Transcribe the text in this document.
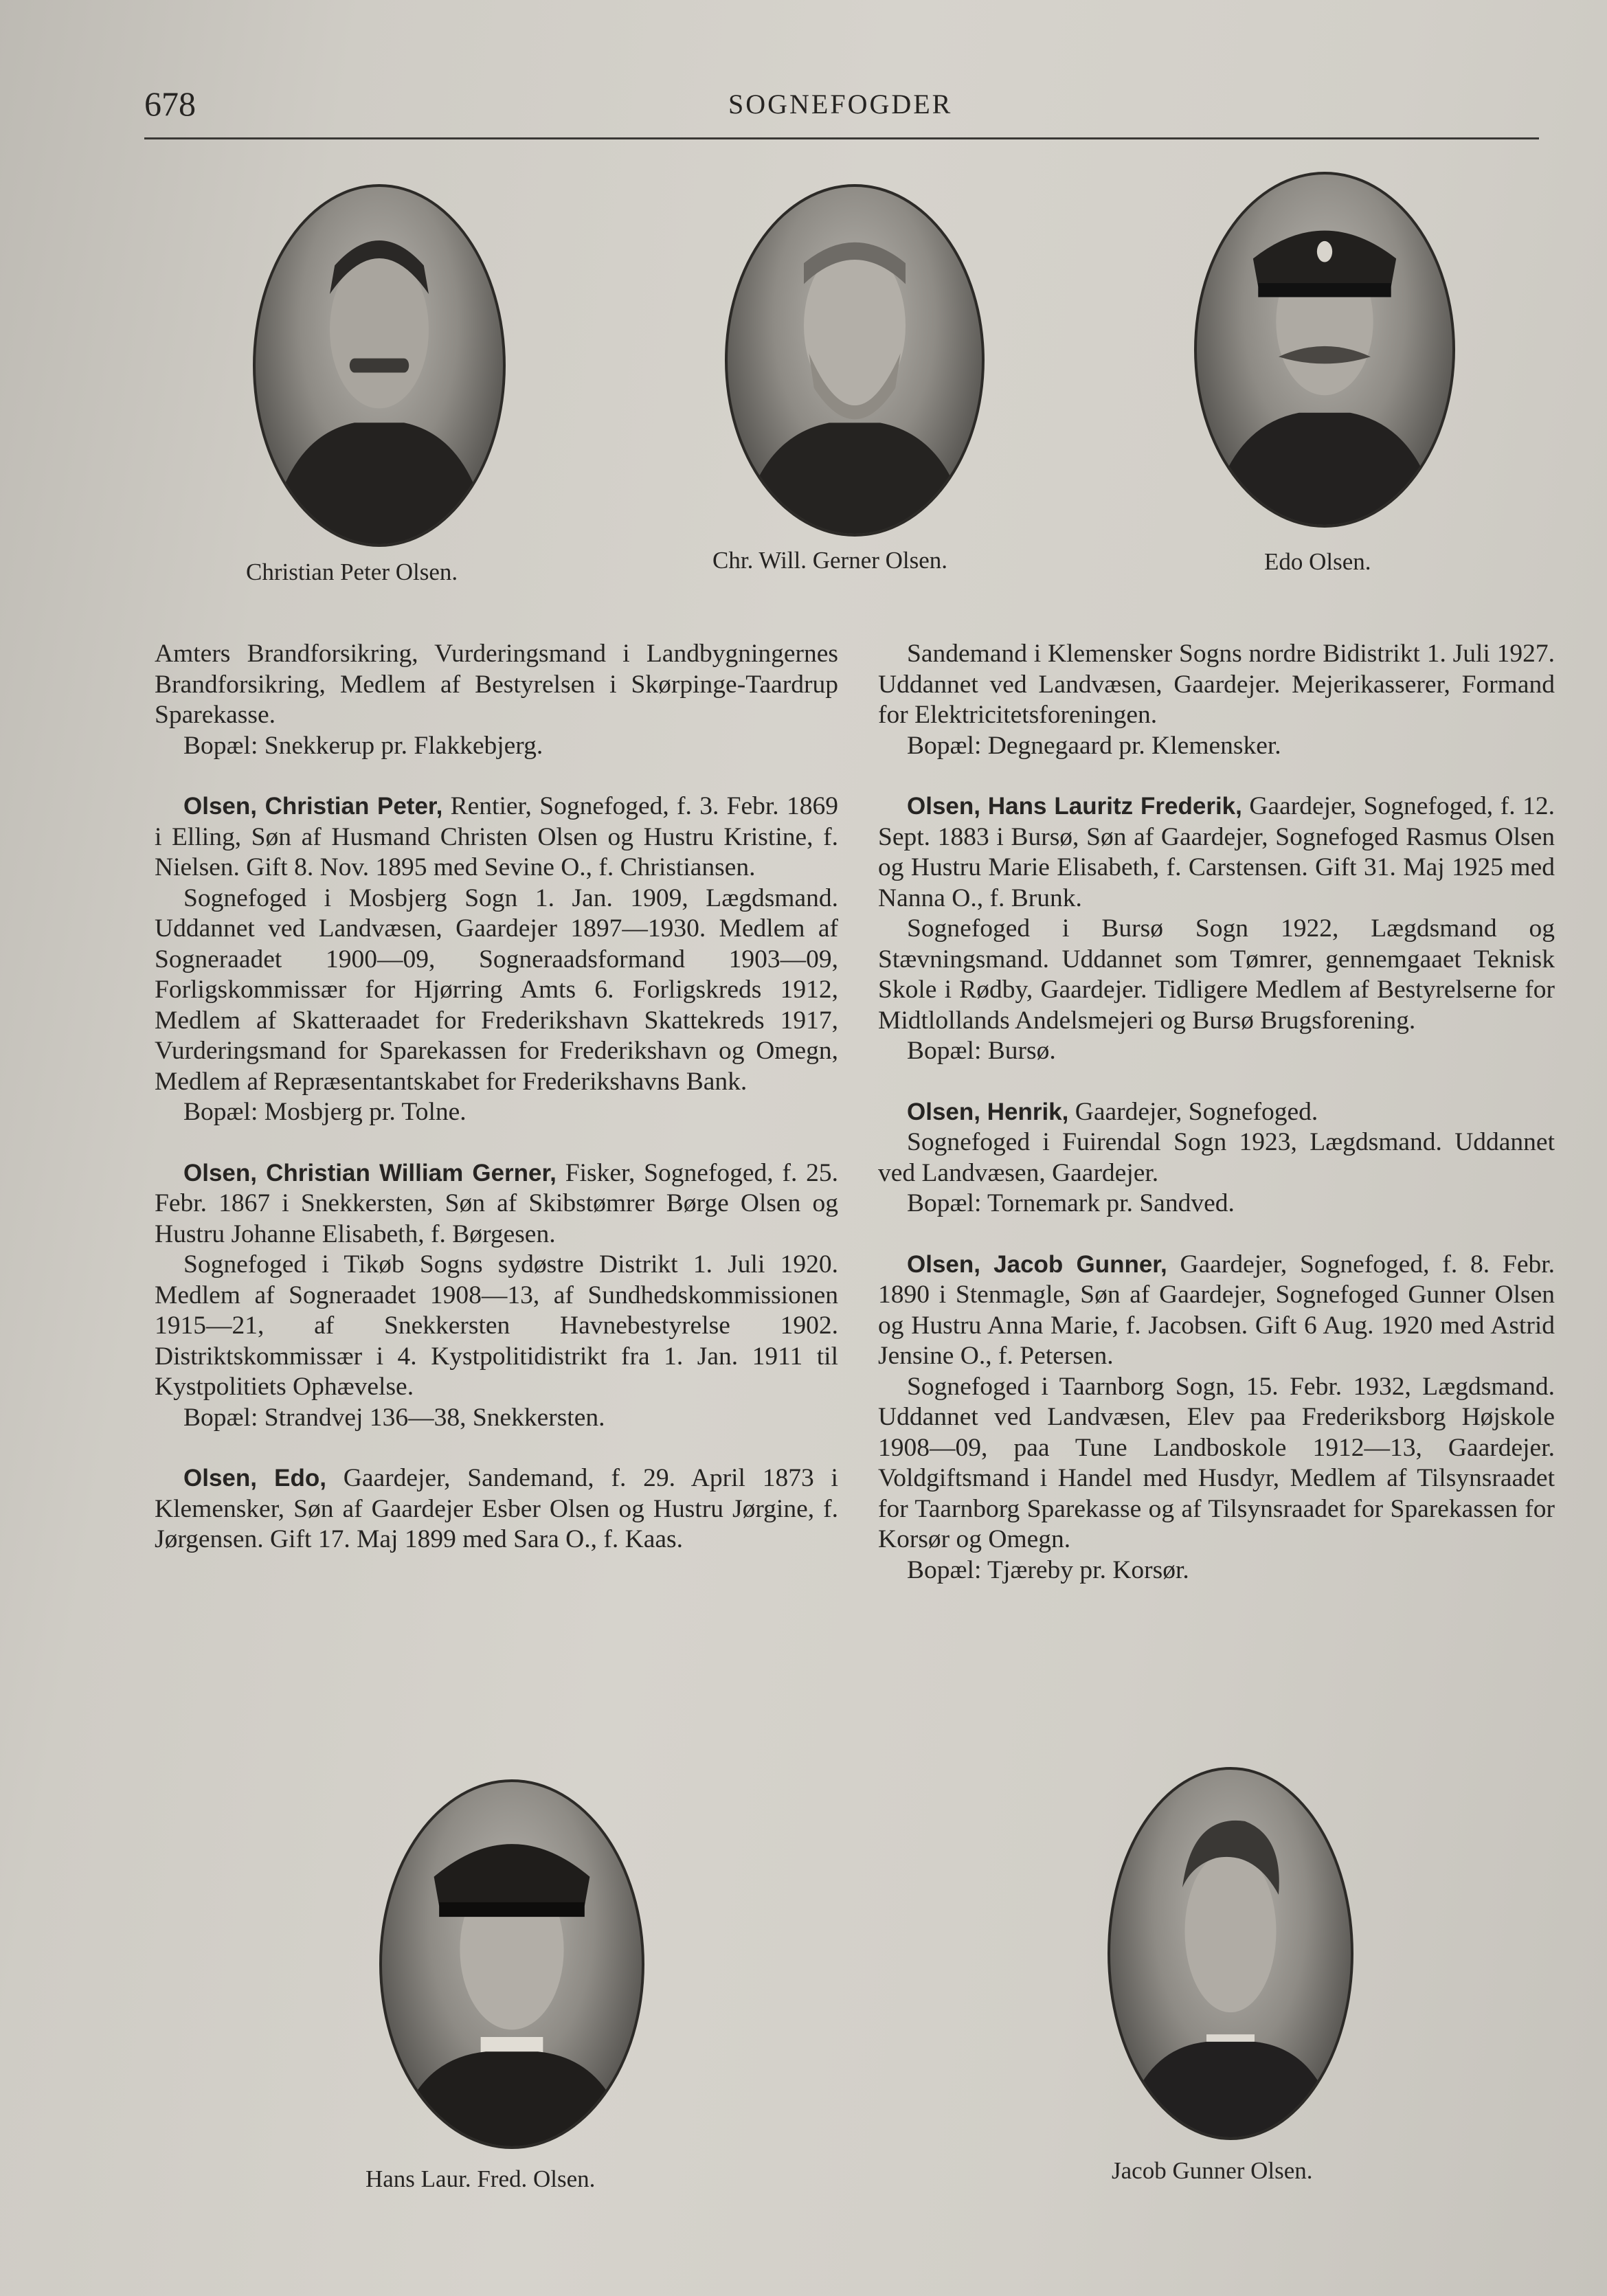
678	SOGNEFOGDER
Christian Peter Olsen.	Chr. Will. Gerner Olsen.	Edo Olsen.

Amters Brandforsikring, Vurderingsmand i Landbygningernes Brandforsikring, Medlem af Bestyrelsen i Skørpinge-Taardrup Sparekasse.

Bopæl: Snekkerup pr. Flakkebjerg.

Olsen, Christian Peter, Rentier, Sognefoged, f. 3. Febr. 1869 i Elling, Søn af Husmand Christen Olsen og Hustru Kristine, f. Nielsen. Gift 8. Nov. 1895 med Sevine O., f. Christiansen.

Sognefoged i Mosbjerg Sogn 1. Jan. 1909, Lægdsmand. Uddannet ved Landvæsen, Gaardejer 1897—1930. Medlem af Sogneraadet 1900—09, Sogneraadsformand 1903—09, Forligskommissær for Hjørring Amts 6. Forligskreds 1912, Medlem af Skatteraadet for Frederikshavn Skattekreds 1917, Vurderingsmand for Sparekassen for Frederikshavn og Omegn, Medlem af Repræsentantskabet for Frederikshavns Bank.

Bopæl: Mosbjerg pr. Tolne.

Olsen, Christian William Gerner, Fisker, Sognefoged, f. 25. Febr. 1867 i Snekkersten, Søn af Skibstømrer Børge Olsen og Hustru Johanne Elisabeth, f. Børgesen.

Sognefoged i Tikøb Sogns sydøstre Distrikt 1. Juli 1920. Medlem af Sogneraadet 1908—13, af Sundhedskommissionen 1915—21, af Snekkersten Havnebestyrelse 1902. Distriktskommissær i 4. Kystpolitidistrikt fra 1. Jan. 1911 til Kystpolitiets Ophævelse.

Bopæl: Strandvej 136—38, Snekkersten.

Olsen, Edo, Gaardejer, Sandemand, f. 29. April 1873 i Klemensker, Søn af Gaardejer Esber Olsen og Hustru Jørgine, f. Jørgensen. Gift 17. Maj 1899 med Sara O., f. Kaas.

Sandemand i Klemensker Sogns nordre Bidistrikt 1. Juli 1927. Uddannet ved Landvæsen, Gaardejer. Mejerikasserer, Formand for Elektricitetsforeningen.

Bopæl: Degnegaard pr. Klemensker.

Olsen, Hans Lauritz Frederik, Gaardejer, Sognefoged, f. 12. Sept. 1883 i Bursø, Søn af Gaardejer, Sognefoged Rasmus Olsen og Hustru Marie Elisabeth, f. Carstensen. Gift 31. Maj 1925 med Nanna O., f. Brunk.

Sognefoged i Bursø Sogn 1922, Lægdsmand og Stævningsmand. Uddannet som Tømrer, gennemgaaet Teknisk Skole i Rødby, Gaardejer. Tidligere Medlem af Bestyrelserne for Midtlollands Andelsmejeri og Bursø Brugsforening.

Bopæl: Bursø.

Olsen, Henrik, Gaardejer, Sognefoged.

Sognefoged i Fuirendal Sogn 1923, Lægdsmand. Uddannet ved Landvæsen, Gaardejer.

Bopæl: Tornemark pr. Sandved.

Olsen, Jacob Gunner, Gaardejer, Sognefoged, f. 8. Febr. 1890 i Stenmagle, Søn af Gaardejer, Sognefoged Gunner Olsen og Hustru Anna Marie, f. Jacobsen. Gift 6 Aug. 1920 med Astrid Jensine O., f. Petersen.

Sognefoged i Taarnborg Sogn, 15. Febr. 1932, Lægdsmand. Uddannet ved Landvæsen, Elev paa Frederiksborg Højskole 1908—09, paa Tune Landboskole 1912—13, Gaardejer. Voldgiftsmand i Handel med Husdyr, Medlem af Tilsynsraadet for Taarnborg Sparekasse og af Tilsynsraadet for Sparekassen for Korsør og Omegn.

Bopæl: Tjæreby pr. Korsør.

Hans Laur. Fred. Olsen.	Jacob Gunner Olsen.
